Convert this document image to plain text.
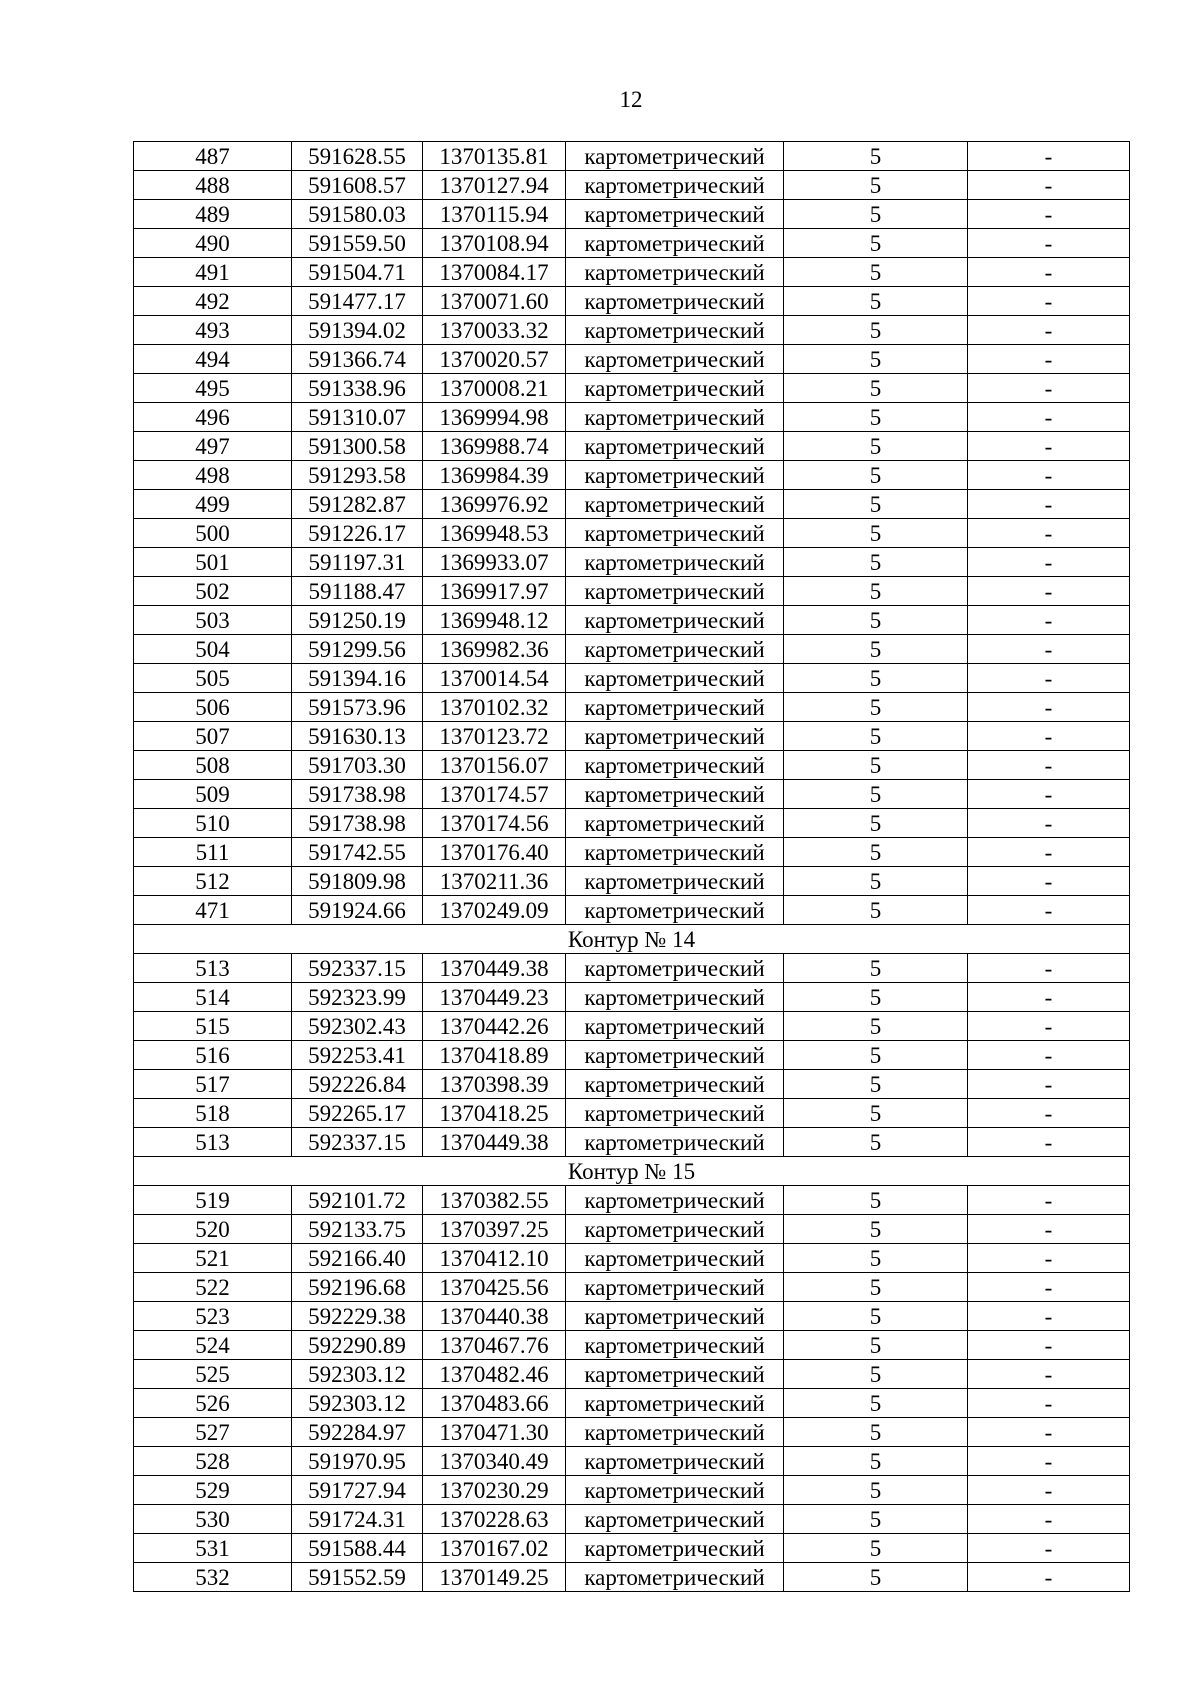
12
487	591628.55	1370135.81	картометрический	5	-
488	591608.57	1370127.94	картометрический	5	-
489	591580.03	1370115.94	картометрический	5	-
490	591559.50	1370108.94	картометрический	5	-
491	591504.71	1370084.17	картометрический	5	-
492	591477.17	1370071.60	картометрический	5	-
493	591394.02	1370033.32	картометрический	5	-
494	591366.74	1370020.57	картометрический	5	-
495	591338.96	1370008.21	картометрический	5	-
496	591310.07	1369994.98	картометрический	5	-
497	591300.58	1369988.74	картометрический	5	-
498	591293.58	1369984.39	картометрический	5	-
499	591282.87	1369976.92	картометрический	5	-
500	591226.17	1369948.53	картометрический	5	-
501	591197.31	1369933.07	картометрический	5	-
502	591188.47	1369917.97	картометрический	5	-
503	591250.19	1369948.12	картометрический	5	-
504	591299.56	1369982.36	картометрический	5	-
505	591394.16	1370014.54	картометрический	5	-
506	591573.96	1370102.32	картометрический	5	-
507	591630.13	1370123.72	картометрический	5	-
508	591703.30	1370156.07	картометрический	5	-
509	591738.98	1370174.57	картометрический	5	-
510	591738.98	1370174.56	картометрический	5	-
511	591742.55	1370176.40	картометрический	5	-
512	591809.98	1370211.36	картометрический	5	-
471	591924.66	1370249.09	картометрический	5	-
Контур № 14					
513	592337.15	1370449.38	картометрический	5	-
514	592323.99	1370449.23	картометрический	5	-
515	592302.43	1370442.26	картометрический	5	-
516	592253.41	1370418.89	картометрический	5	-
517	592226.84	1370398.39	картометрический	5	-
518	592265.17	1370418.25	картометрический	5	-
513	592337.15	1370449.38	картометрический	5	-
Контур № 15					
519	592101.72	1370382.55	картометрический	5	-
520	592133.75	1370397.25	картометрический	5	-
521	592166.40	1370412.10	картометрический	5	-
522	592196.68	1370425.56	картометрический	5	-
523	592229.38	1370440.38	картометрический	5	-
524	592290.89	1370467.76	картометрический	5	-
525	592303.12	1370482.46	картометрический	5	-
526	592303.12	1370483.66	картометрический	5	-
527	592284.97	1370471.30	картометрический	5	-
528	591970.95	1370340.49	картометрический	5	-
529	591727.94	1370230.29	картометрический	5	-
530	591724.31	1370228.63	картометрический	5	-
531	591588.44	1370167.02	картометрический	5	-
532	591552.59	1370149.25	картометрический	5	-
